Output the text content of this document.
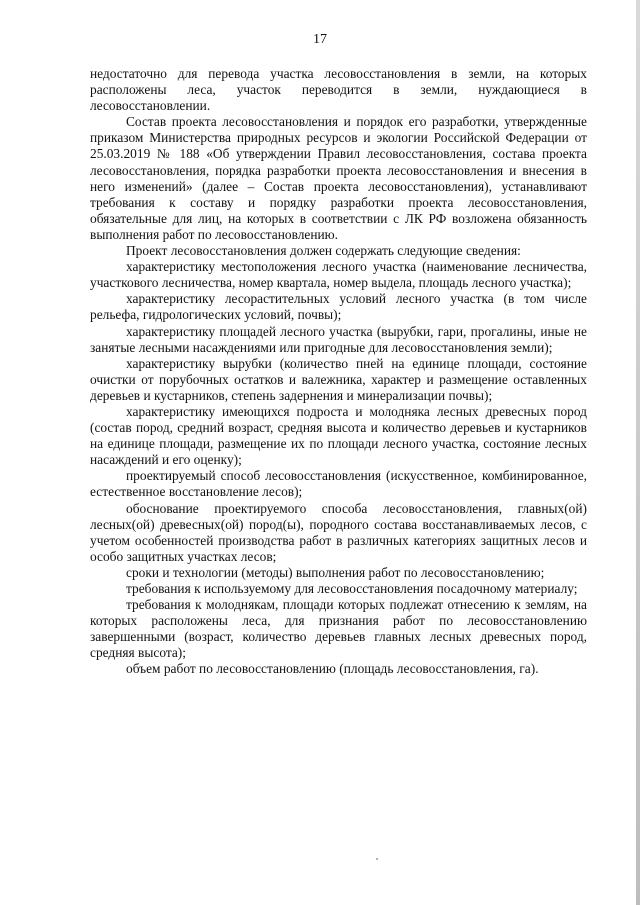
17

недостаточно для перевода участка лесовосстановления в земли, на которых расположены леса, участок переводится в земли, нуждающиеся в лесовосстановлении.

Состав проекта лесовосстановления и порядок его разработки, утвержденные приказом Министерства природных ресурсов и экологии Российской Федерации от 25.03.2019 № 188 «Об утверждении Правил лесовосстановления, состава проекта лесовосстановления, порядка разработки проекта лесовосстановления и внесения в него изменений» (далее – Состав проекта лесовосстановления), устанавливают требования к составу и порядку разработки проекта лесовосстановления, обязательные для лиц, на которых в соответствии с ЛК РФ возложена обязанность выполнения работ по лесовосстановлению.

Проект лесовосстановления должен содержать следующие сведения:

характеристику местоположения лесного участка (наименование лесничества, участкового лесничества, номер квартала, номер выдела, площадь лесного участка);

характеристику лесорастительных условий лесного участка (в том числе рельефа, гидрологических условий, почвы);

характеристику площадей лесного участка (вырубки, гари, прогалины, иные не занятые лесными насаждениями или пригодные для лесовосстановления земли);

характеристику вырубки (количество пней на единице площади, состояние очистки от порубочных остатков и валежника, характер и размещение оставленных деревьев и кустарников, степень задернения и минерализации почвы);

характеристику имеющихся подроста и молодняка лесных древесных пород (состав пород, средний возраст, средняя высота и количество деревьев и кустарников на единице площади, размещение их по площади лесного участка, состояние лесных насаждений и его оценку);

проектируемый способ лесовосстановления (искусственное, комбинированное, естественное восстановление лесов);

обоснование проектируемого способа лесовосстановления, главных(ой) лесных(ой) древесных(ой) пород(ы), породного состава восстанавливаемых лесов, с учетом особенностей производства работ в различных категориях защитных лесов и особо защитных участках лесов;

сроки и технологии (методы) выполнения работ по лесовосстановлению;

требования к используемому для лесовосстановления посадочному материалу;

требования к молоднякам, площади которых подлежат отнесению к землям, на которых расположены леса, для признания работ по лесовосстановлению завершенными (возраст, количество деревьев главных лесных древесных пород, средняя высота);

объем работ по лесовосстановлению (площадь лесовосстановления, га).
